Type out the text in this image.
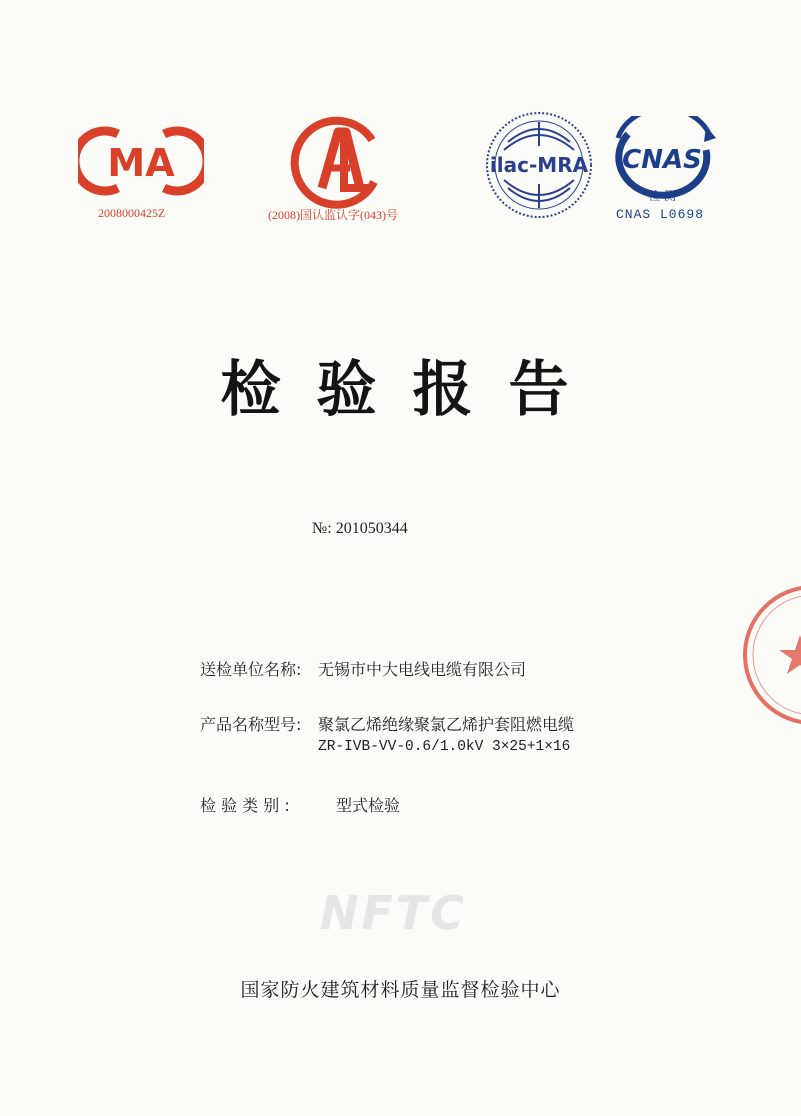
MA
2008000425Z	(2008)国认监认字(043)号
ilac-MRA CNAS
检 测
CNAS L0698
检验报告
№: 201050344
送检单位名称: 无锡市中大电线电缆有限公司
产品名称型号: 聚氯乙烯绝缘聚氯乙烯护套阻燃电缆
ZR-IVB-VV-0.6/1.0kV 3×25+1×16
检 验 类 别 :	型式检验
NFTC
国家防火建筑材料质量监督检验中心
